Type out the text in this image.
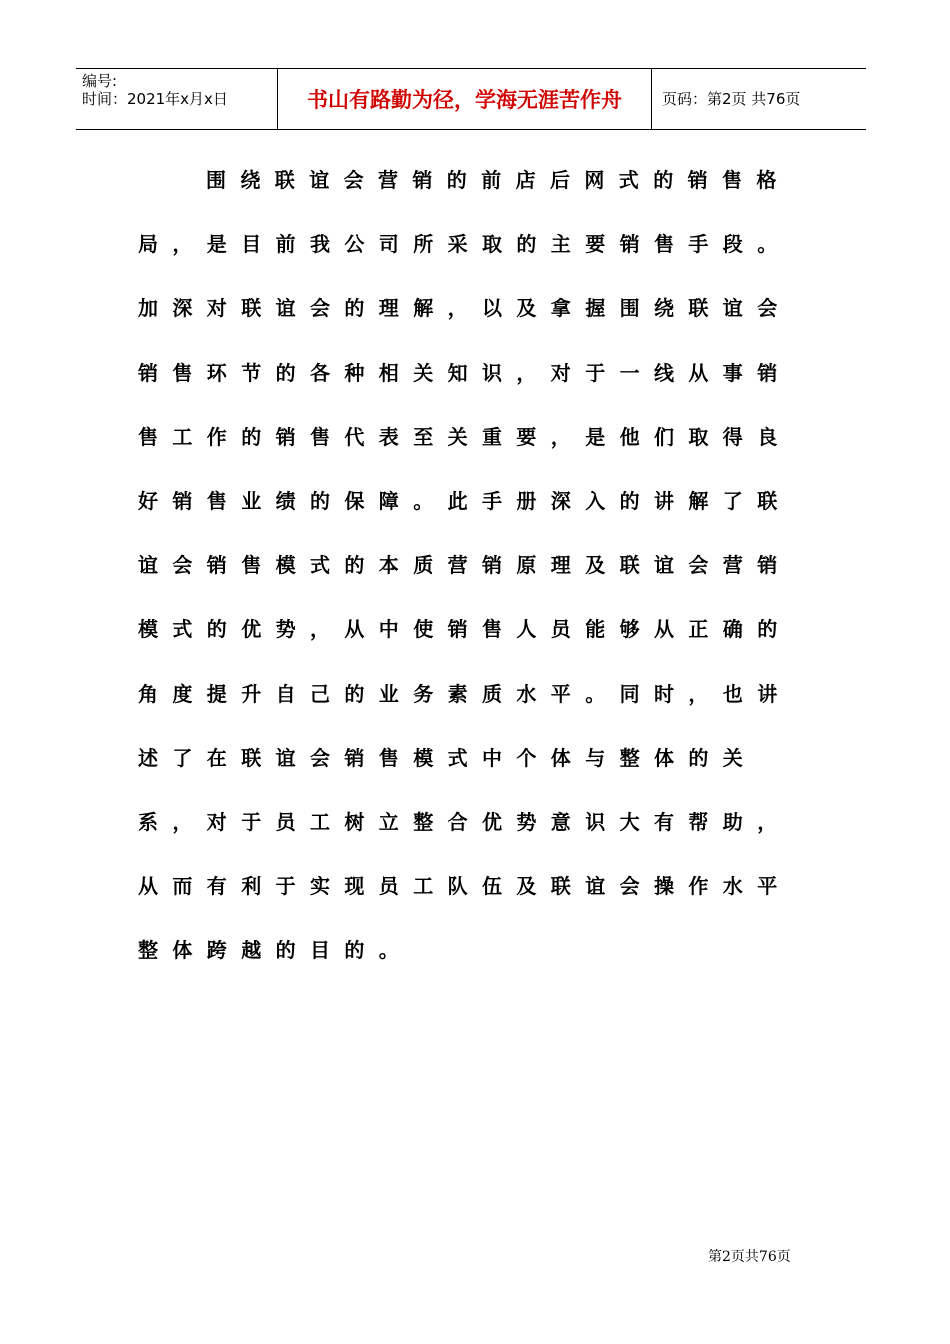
编号:
时间：2021年x月x日	书山有路勤为径，学海无涯苦作舟	页码：第2页 共76页
围绕联谊会营销的前店后网式的销售格局，是目前我公司所采取的主要销售手段。加深对联谊会的理解，以及拿握围绕联谊会销售环节的各种相关知识，对于一线从事销售工作的销售代表至关重要，是他们取得良好销售业绩的保障。此手册深入的讲解了联谊会销售模式的本质营销原理及联谊会营销模式的优势，从中使销售人员能够从正确的角度提升自己的业务素质水平。同时，也讲述了在联谊会销售模式中个体与整体的关系，对于员工树立整合优势意识大有帮助，从而有利于实现员工队伍及联谊会操作水平整体跨越的目的。
第2页共76页
